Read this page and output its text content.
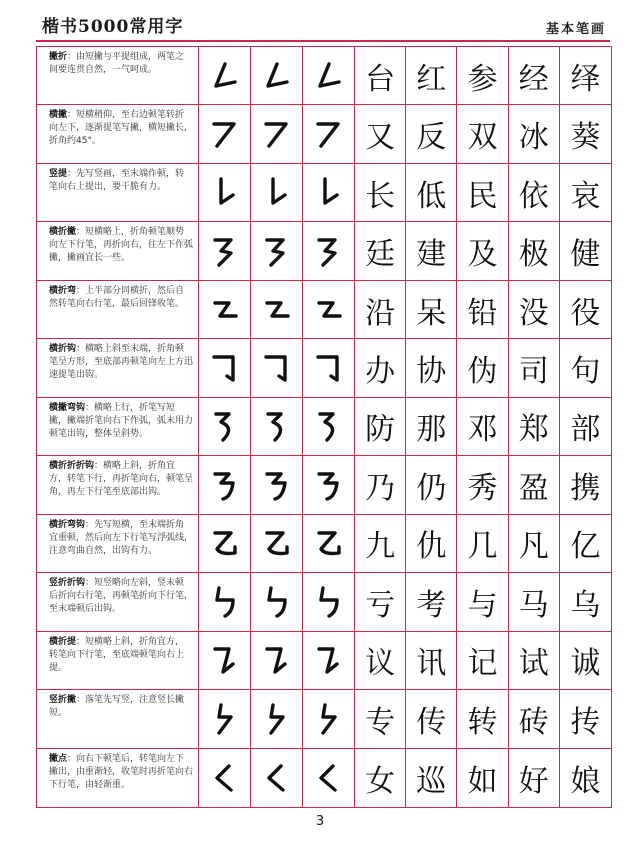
楷书5000常用字	基本笔画
撇折：由短撇与平提组成，两笔之间要连贯自然，一气呵成。	台 红 参 经 绎
横撇：短横稍仰，至右边顿笔转折向左下，逐渐提笔写撇，横短撇长，折角约45°。	又 反 双 冰 葵
竖提：先写竖画，至末端作顿，转笔向右上提出，要干脆有力。	长 低 民 依 哀
横折撇：短横略上，折角顿笔顺势向左下行笔，再折向右，往左下作弧撇，撇画宜长一些。	廷 建 及 极 健
横折弯：上半部分同横折，然后自然转笔向右行笔，最后回锋收笔。	沿 呆 铅 没 役
横折钩：横略上斜至末端，折角顿笔呈方形，至底部再顿笔向左上方迅速提笔出钩。	办 协 伪 司 句
横撇弯钩：横略上行，折笔写短撇，撇端折笔向右下作弧，弧末用力顿笔出钩，整体呈斜势。	防 那 邓 郑 部
横折折折钩：横略上斜，折角宜方，转笔下行，再折笔向右，顿笔呈角，再左下行笔至底部出钩。	乃 仍 秀 盈 携
横折弯钩：先写短横，至末端折角宜重顿，然后向左下行笔写浮弧线，注意弯曲自然，出钩有力。	九 仇 几 凡 亿
竖折折钩：短竖略向左斜，竖末顿后折向右行笔，再顿笔折向下行笔，至末端顿后出钩。	亏 考 与 马 乌
横折提：短横略上斜，折角宜方，转笔向下行笔，至底端顿笔向右上提。	议 讯 记 试 诚
竖折撇：落笔先写竖，注意竖长撇短。	专 传 转 砖 抟
撇点：向右下顿笔后，转笔向左下撇出，由重渐轻，收笔时再折笔向右下行笔，由轻渐重。	女 巡 如 好 娘
3
